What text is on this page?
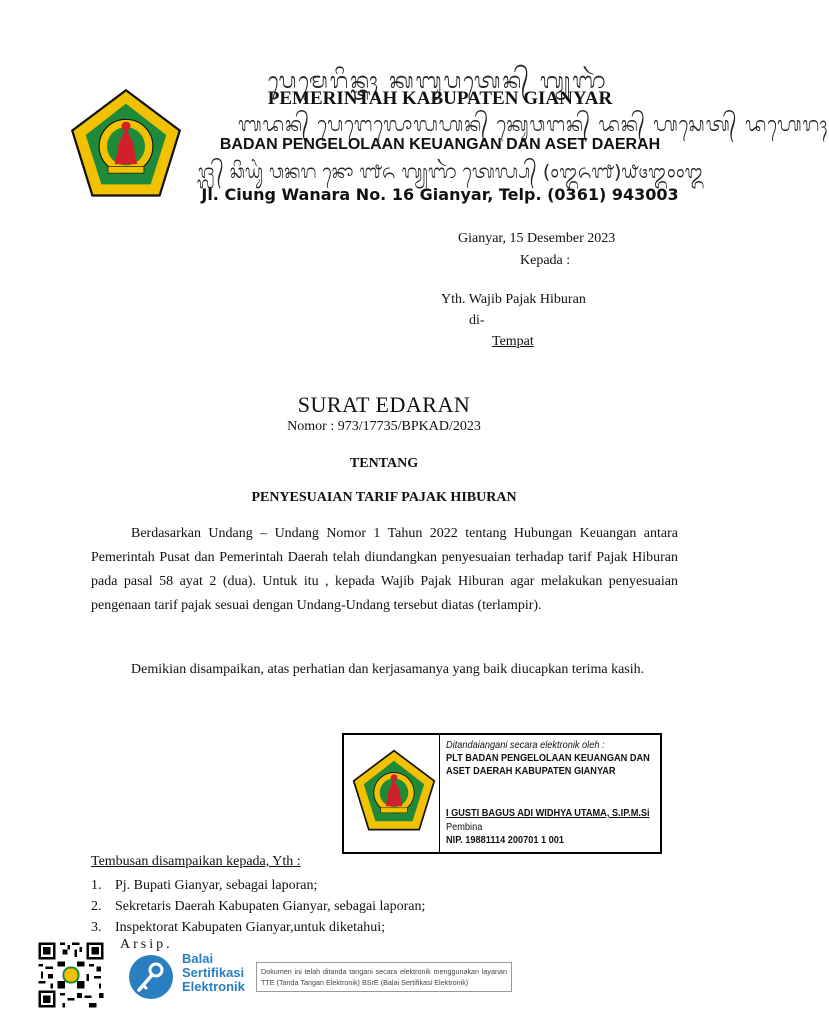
ᬧᬾᬫᬾᬭᬶᬦ᭄ᬢᬄ ᬓᬩᬸᬧᬢᬾᬦ᭄ ᬕ᭄ᬬᬜᬃ
PEMERINTAH KABUPATEN GIANYAR
ᬩᬤᬦ᭄ ᬧᬾᬗᬾᬮᭀᬮᬳᬦ᭄ ᬓᬾᬸᬯᬗᬦ᭄ ᬤᬦ᭄ ᬳᬲᬾᬢ᭄ ᬤᬳᬾᬭᬄ
BADAN PENGELOLAAN KEUANGAN DAN ASET DAERAH
ᬚ᭄ᬮ᭄ ᬘᬶᬬᬸᬂ ᬯᬦᬭ ᬦᭀ ᭑᭖ ᬕ᭄ᬬᬜᬃ ᬢᬾᬮ᭄ᬧ᭄ (᭐᭓᭖᭑)᭙᭔᭓᭐᭐᭓
Jl. Ciung Wanara No. 16 Gianyar, Telp. (0361) 943003
Gianyar, 15 Desember 2023
Kepada :
Yth. Wajib Pajak Hiburan
di-
Tempat
SURAT EDARAN
Nomor : 973/17735/BPKAD/2023
TENTANG
PENYESUAIAN TARIF PAJAK HIBURAN
Berdasarkan Undang – Undang Nomor 1 Tahun 2022 tentang Hubungan Keuangan antara Pemerintah Pusat dan Pemerintah Daerah telah diundangkan penyesuaian terhadap tarif Pajak Hiburan pada pasal 58 ayat 2 (dua). Untuk itu , kepada Wajib Pajak Hiburan agar melakukan penyesuaian pengenaan tarif pajak sesuai dengan Undang-Undang tersebut diatas (terlampir).
Demikian disampaikan, atas perhatian dan kerjasamanya yang baik diucapkan terima kasih.
Ditandaiangani secara elektronik oleh :
PLT BADAN PENGELOLAAN KEUANGAN DAN
ASET DAERAH KABUPATEN GIANYAR
I GUSTI BAGUS ADI WIDHYA UTAMA, S.IP.M.Si
Pembina
NIP. 19881114 200701 1 001
Tembusan disampaikan kepada, Yth :
1. Pj. Bupati Gianyar, sebagai laporan;
2. Sekretaris Daerah Kabupaten Gianyar, sebagai laporan;
3. Inspektorat Kabupaten Gianyar,untuk diketahui;
Arsip.
Balai
Sertifikasi
Elektronik
Dokumen ini telah ditanda tangani secara elektronik menggunakan layanan TTE (Tanda Tangan Elektronik) BSrE (Balai Sertifikasi Elektronik)
